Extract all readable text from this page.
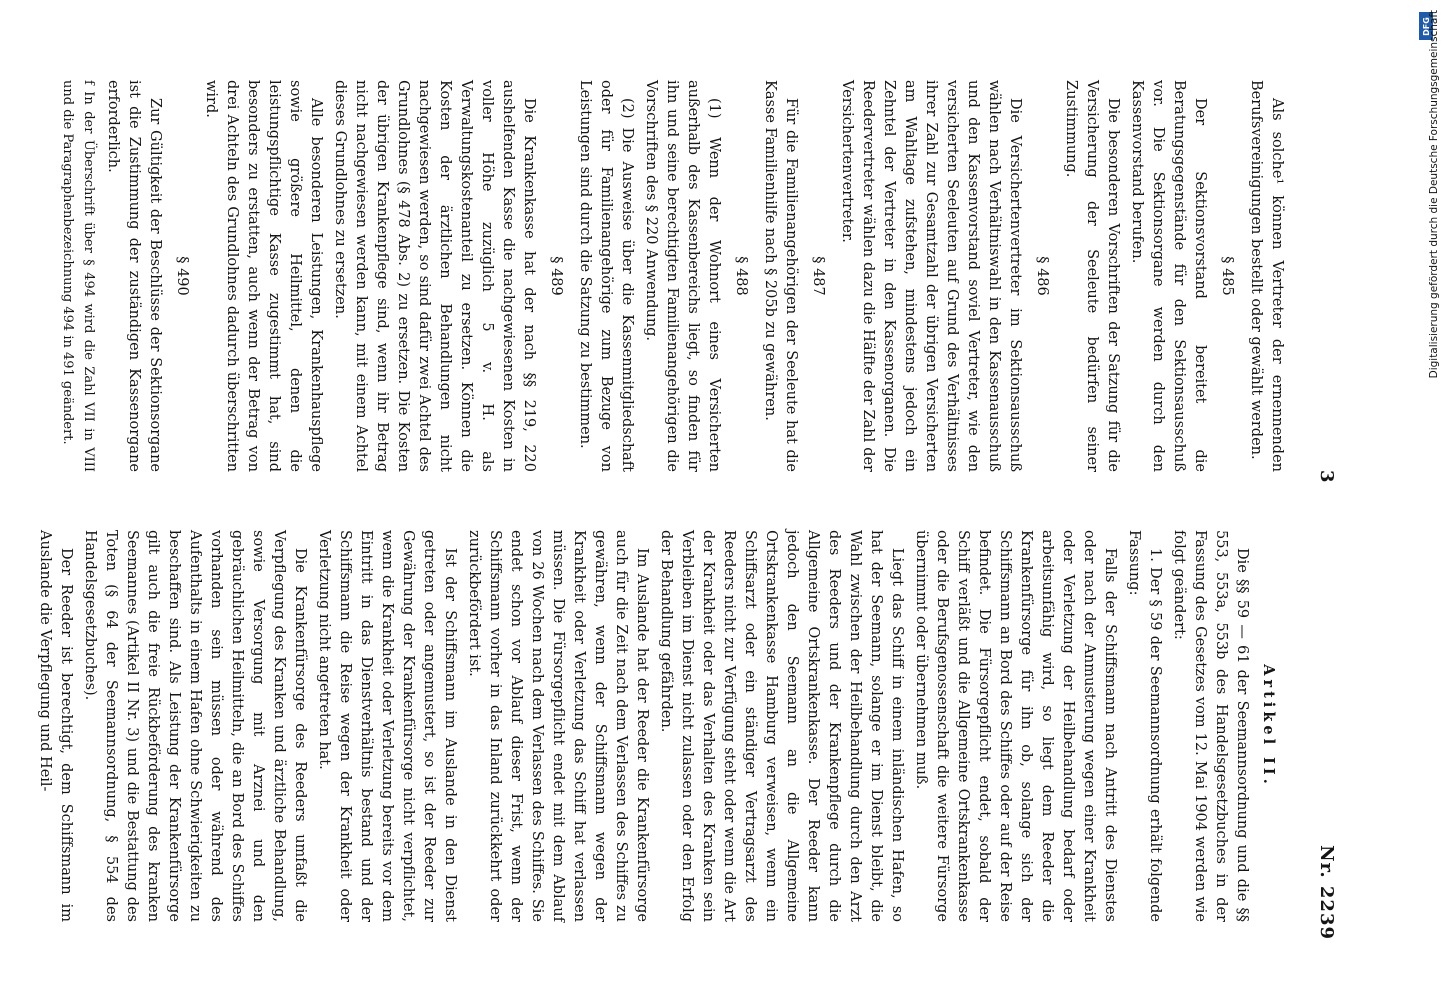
3
Nr. 2239

Als solche¹ können Vertreter der ernennenden Berufsvereinigungen bestellt oder gewählt werden.

§ 485

Der Sektionsvorstand bereitet die Beratungsgegenstände für den Sektionsausschuß vor. Die Sektionsorgane werden durch den Kassenvorstand berufen.

Die besonderen Vorschriften der Satzung für die Versicherung der Seeleute bedürfen seiner Zustimmung.

§ 486

Die Versichertenvertreter im Sektionsausschuß wählen nach Verhältniswahl in den Kassenausschuß und den Kassenvorstand soviel Vertreter, wie den versicherten Seeleuten auf Grund des Verhältnisses ihrer Zahl zur Gesamtzahl der übrigen Versicherten am Wahltage zufstehen, mindestens jedoch ein Zehntel der Vertreter in den Kassenorganen. Die Reedervertreter wählen dazu die Hälfte der Zahl der Versichertenvertreter.

§ 487

Für die Familienangehörigen der Seeleute hat die Kasse Familienhilfe nach § 205b zu gewähren.

§ 488

(1) Wenn der Wohnort eines Versicherten außerhalb des Kassenbereichs liegt, so finden für ihn und seine berechtigten Familienangehörigen die Vorschriften des § 220 Anwendung.

(2) Die Ausweise über die Kassenmitgliedschaft oder für Familienangehörige zum Bezuge von Leistungen sind durch die Satzung zu bestimmen.

§ 489

Die Krankenkasse hat der nach §§ 219, 220 aushelfenden Kasse die nachgewiesenen Kosten in voller Höhe zuzüglich 5 v. H. als Verwaltungskostenanteil zu ersetzen. Können die Kosten der ärztlichen Behandlungen nicht nachgewiesen werden, so sind dafür zwei Achtel des Grundlohnes (§ 478 Abs. 2) zu ersetzen. Die Kosten der übrigen Krankenpflege sind, wenn ihr Betrag nicht nachgewiesen werden kann, mit einem Achtel dieses Grundlohnes zu ersetzen.

Alle besonderen Leistungen, Krankenhauspflege sowie größere Heilmittel, denen die leistungspflichtige Kasse zugestimmt hat, sind besonders zu erstatten, auch wenn der Betrag von drei Achteln des Grundlohnes dadurch überschritten wird.

§ 490

Zur Gültigkeit der Beschlüsse der Sektionsorgane ist die Zustimmung der zuständigen Kassenorgane erforderlich.

f In der Überschrift über § 494 wird die Zahl VII in VIII und die Paragraphenbezeichnung 494 in 491 geändert.

Artikel II.

Die §§ 59 — 61 der Seemannsordnung und die §§ 553, 553a, 553b des Handelsgesetzbuches in der Fassung des Gesetzes vom 12. Mai 1904 werden wie folgt geändert:

1. Der § 59 der Seemannsordnung erhält folgende Fassung:

Falls der Schiffsmann nach Antritt des Dienstes oder nach der Anmusterung wegen einer Krankheit oder Verletzung der Heilbehandlung bedarf oder arbeitsunfähig wird, so liegt dem Reeder die Krankenfürsorge für ihn ob, solange sich der Schiffsmann an Bord des Schiffes oder auf der Reise befindet. Die Fürsorgepflicht endet, sobald der Schiff verläßt und die Allgemeine Ortskrankenkasse oder die Berufsgenossenschaft die weitere Fürsorge übernimmt oder übernehmen muß.

Liegt das Schiff in einem inländischen Hafen, so hat der Seemann, solange er im Dienst bleibt, die Wahl zwischen der Heilbehandlung durch den Arzt des Reeders und der Krankenpflege durch die Allgemeine Ortskrankenkasse. Der Reeder kann jedoch den Seemann an die Allgemeine Ortskrankenkasse Hamburg verweisen, wenn ein Schiffsarzt oder ein ständiger Vertragsarzt des Reeders nicht zur Verfügung steht oder wenn die Art der Krankheit oder das Verhalten des Kranken sein Verbleiben im Dienst nicht zulassen oder den Erfolg der Behandlung gefährden.

Im Auslande hat der Reeder die Krankenfürsorge auch für die Zeit nach dem Verlassen des Schiffes zu gewähren, wenn der Schiffsmann wegen der Krankheit oder Verletzung das Schiff hat verlassen müssen. Die Fürsorgepflicht endet mit dem Ablauf von 26 Wochen nach dem Verlassen des Schiffes. Sie endet schon vor Ablauf dieser Frist, wenn der Schiffsmann vorher in das Inland zurückkehrt oder zurückbefördert ist.

Ist der Schiffsmann im Auslande in den Dienst getreten oder angemustert, so ist der Reeder zur Gewährung der Krankenfürsorge nicht verpflichtet, wenn die Krankheit oder Verletzung bereits vor dem Eintritt in das Dienstverhältnis bestand und der Schiffsmann die Reise wegen der Krankheit oder Verletzung nicht angetreten hat.

Die Krankenfürsorge des Reeders umfaßt die Verpflegung des Kranken und ärztliche Behandlung, sowie Versorgung mit Arznei und den gebräuchlichen Heilmitteln, die an Bord des Schiffes vorhanden sein müssen oder während des Aufenthalts in einem Hafen ohne Schwierigkeiten zu beschaffen sind. Als Leistung der Krankenfürsorge gilt auch die freie Rückbeförderung des kranken Seemannes (Artikel II Nr. 3) und die Bestattung des Toten (§ 64 der Seemannsordnung, § 554 des Handelsgesetzbuches).

Der Reeder ist berechtigt, dem Schiffsmann im Auslande die Verpflegung und Heil-

DFG
Digitalisierung gefördert durch die Deutsche Forschungsgemeinschaft
